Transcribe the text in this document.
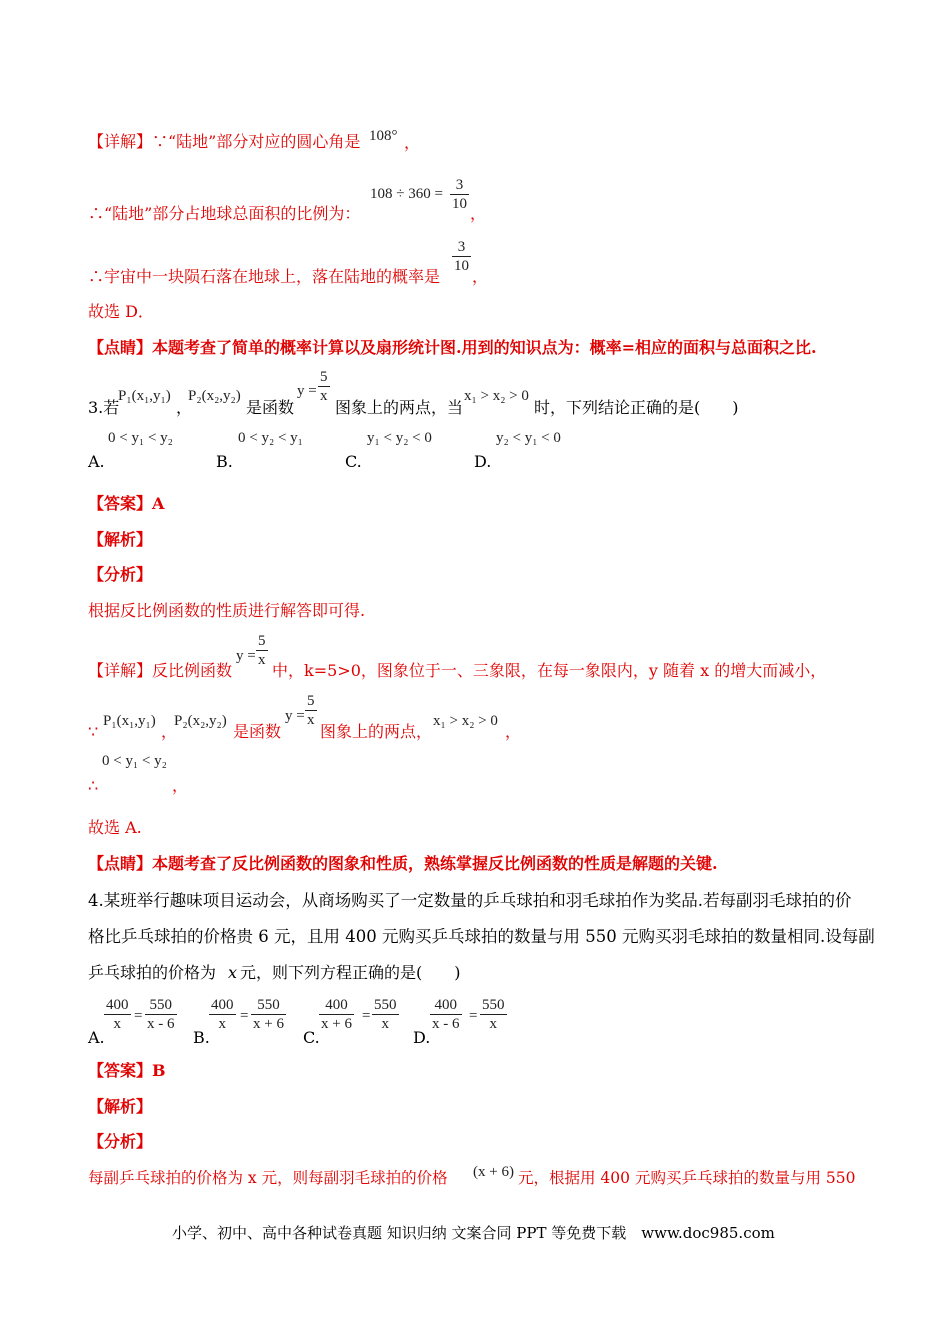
【详解】∵“陆地”部分对应的圆心角是 108° ，
∴“陆地”部分占地球总面积的比例为：
$108 \div 360 = \frac{3}{10}$
，
∴宇宙中一块陨石落在地球上，落在陆地的概率是
$\frac{3}{10}$
，
故选 D．
【点睛】本题考查了简单的概率计算以及扇形统计图.用到的知识点为：概率=相应的面积与总面积之比.
3.若
P₁(x₁,y₁)
，
P₂(x₂,y₂)
是函数
$y = \frac{5}{x}$
图象上的两点，当
x₁ > x₂ > 0
时，下列结论正确的是(　　)
0 < y₁ < y₂
A.
0 < y₂ < y₁
B.
y₁ < y₂ < 0
C.
y₂ < y₁ < 0
D.
【答案】A
【解析】
【分析】
根据反比例函数的性质进行解答即可得.
【详解】反比例函数
$y = \frac{5}{x}$
中，k=5>0，图象位于一、三象限，在每一象限内，y 随着 x 的增大而减小，
∵
P₁(x₁,y₁)
，
P₂(x₂,y₂)
是函数
$y = \frac{5}{x}$
图象上的两点，
x₁ > x₂ > 0
，
0 < y₁ < y₂
∴	，
故选 A.
【点睛】本题考查了反比例函数的图象和性质，熟练掌握反比例函数的性质是解题的关键.
4.某班举行趣味项目运动会，从商场购买了一定数量的乒乓球拍和羽毛球拍作为奖品.若每副羽毛球拍的价
格比乒乓球拍的价格贵 6 元，且用 400 元购买乒乓球拍的数量与用 550 元购买羽毛球拍的数量相同.设每副
乒乓球拍的价格为 x 元，则下列方程正确的是(　　)
A.
$\frac{400}{x} = \frac{550}{x - 6}$
B.
$\frac{400}{x} = \frac{550}{x + 6}$
C.
$\frac{400}{x + 6} = \frac{550}{x}$
D.
$\frac{400}{x - 6} = \frac{550}{x}$
【答案】B
【解析】
【分析】
每副乒乓球拍的价格为 x 元，则每副羽毛球拍的价格 (x + 6) 元，根据用 400 元购买乒乓球拍的数量与用 550
小学、初中、高中各种试卷真题 知识归纳 文案合同 PPT 等免费下载　www.doc985.com
